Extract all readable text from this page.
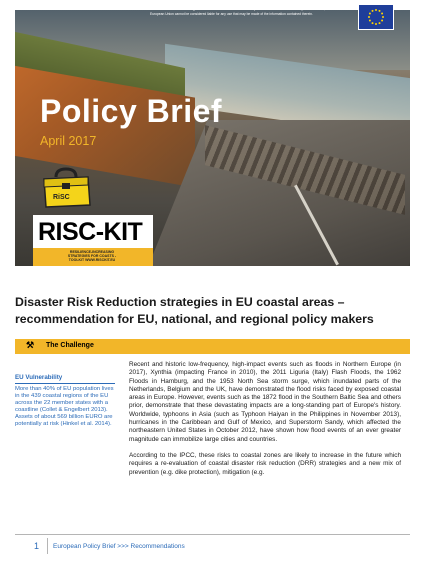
These projects received funding from the European Union's Seventh Programme for Research, Technological Development and Demonstration under Grant Agreement n° 603458 and n° 603663. This publication reflects the views only of the authors, and the European Union cannot be considered liable for any use that may be made of the information contained therein.
Policy Brief
April 2017
RiSC
RISC-KIT
RESILIENCE-INCREASING STRATEGIES FOR COASTS - TOOLKIT WWW.RISCKIT.EU
Disaster Risk Reduction strategies in EU coastal areas – recommendation for EU, national, and regional policy makers
⚒ The Challenge
EU Vulnerability
More than 40% of EU population lives in the 439 coastal regions of the EU across the 22 member states with a coastline (Collet & Engelbert 2013). Assets of about 569 billion EURO are potentially at risk (Hinkel et al. 2014).

Recent and historic low-frequency, high-impact events such as floods in Northern Europe (in 2017), Xynthia (impacting France in 2010), the 2011 Liguria (Italy) Flash Floods, the 1962 Floods in Hamburg, and the 1953 North Sea storm surge, which inundated parts of the Netherlands, Belgium and the UK, have demonstrated the flood risks faced by exposed coastal areas in Europe. However, events such as the 1872 flood in the Southern Baltic Sea and others prior, demonstrate that these devastating impacts are a long-standing part of Europe's history. Worldwide, typhoons in Asia (such as Typhoon Haiyan in the Philippines in November 2013), hurricanes in the Caribbean and Gulf of Mexico, and Superstorm Sandy, which affected the northeastern United States in October 2012, have shown how flood events of an ever greater magnitude can immobilize large cities and countries.

According to the IPCC, these risks to coastal zones are likely to increase in the future which requires a re-evaluation of coastal disaster risk reduction (DRR) strategies and a new mix of prevention (e.g. dike protection), mitigation (e.g.

1 European Policy Brief >>> Recommendations
